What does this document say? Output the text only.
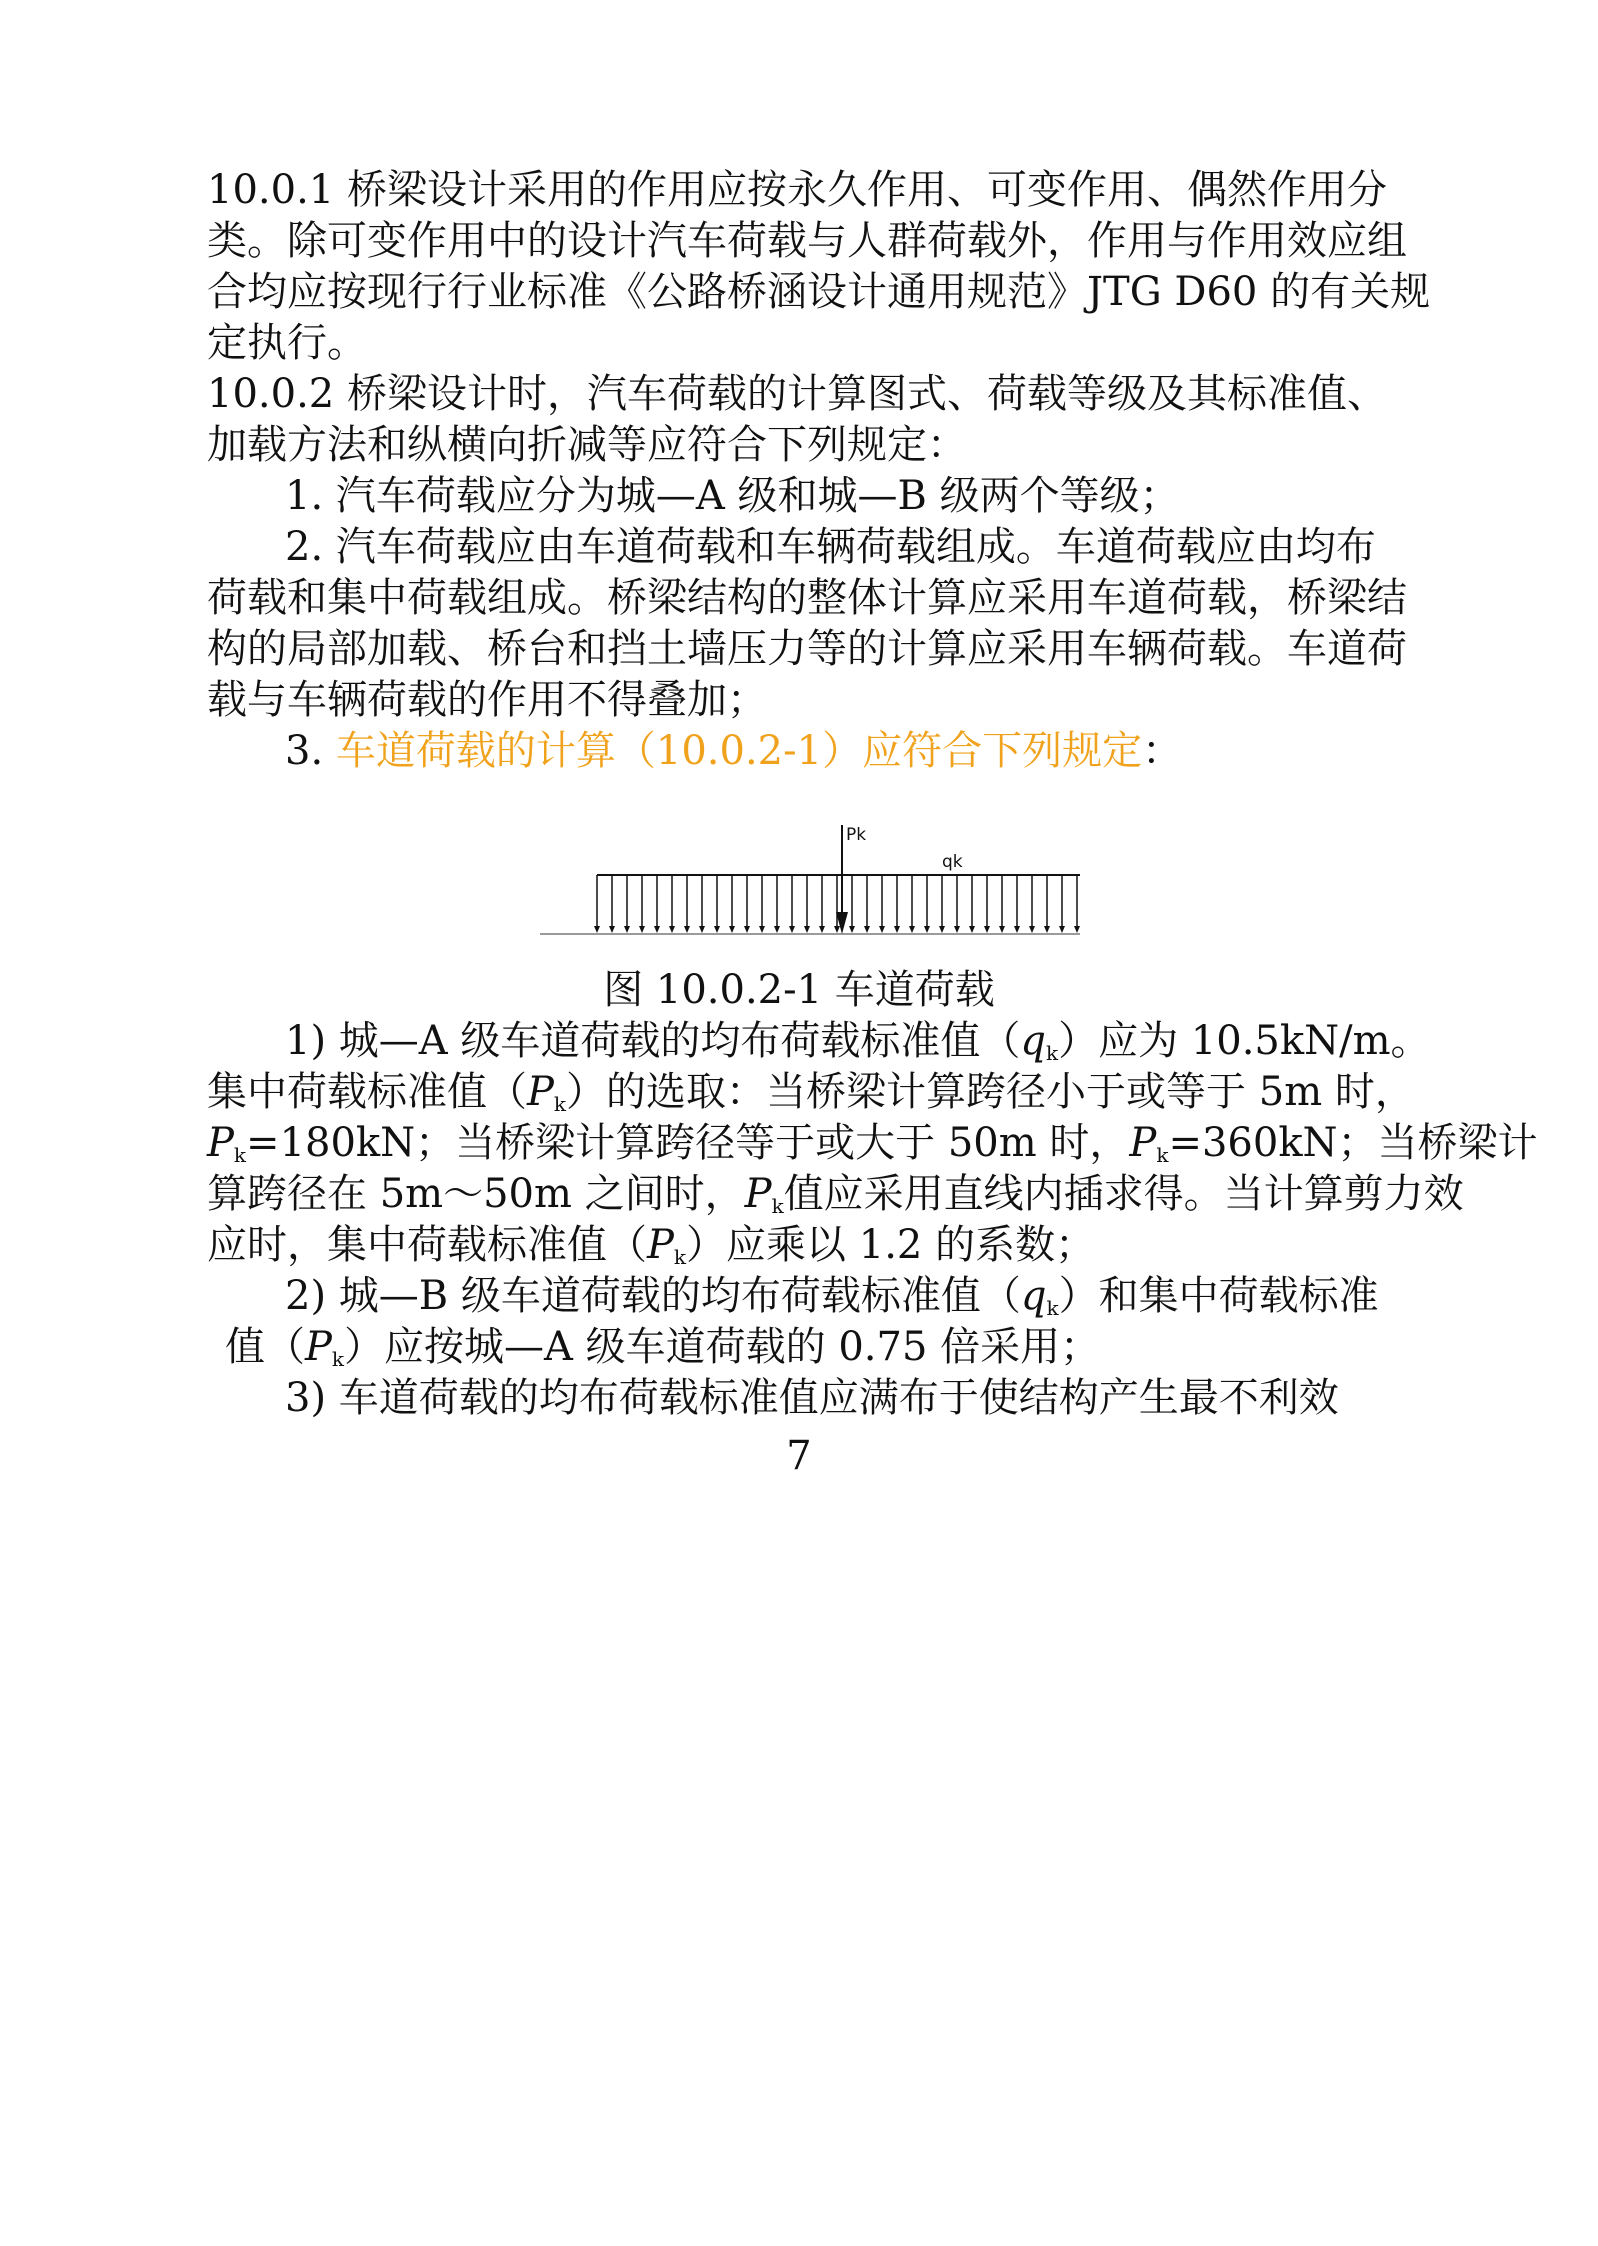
10.0.1 桥梁设计采用的作用应按永久作用、可变作用、偶然作用分
类。除可变作用中的设计汽车荷载与人群荷载外，作用与作用效应组
合均应按现行行业标准《公路桥涵设计通用规范》JTG D60 的有关规
定执行。
10.0.2 桥梁设计时，汽车荷载的计算图式、荷载等级及其标准值、
加载方法和纵横向折减等应符合下列规定：
1. 汽车荷载应分为城—A 级和城—B 级两个等级；
2. 汽车荷载应由车道荷载和车辆荷载组成。车道荷载应由均布
荷载和集中荷载组成。桥梁结构的整体计算应采用车道荷载，桥梁结
构的局部加载、桥台和挡土墙压力等的计算应采用车辆荷载。车道荷
载与车辆荷载的作用不得叠加；
3. 车道荷载的计算（10.0.2-1）应符合下列规定：
Pk
qk
图 10.0.2-1 车道荷载
1) 城—A 级车道荷载的均布荷载标准值$(q_k)$应为 10.5kN/m。
集中荷载标准值$(P_k)$的选取：当桥梁计算跨径小于或等于 5m 时，
$P_k=180kN$；当桥梁计算跨径等于或大于 50m 时，$P_k=360kN$；当桥梁计
算跨径在 5m～50m 之间时，$P_k$值应采用直线内插求得。当计算剪力效
应时，集中荷载标准值$(P_k)$应乘以 1.2 的系数；
2) 城—B 级车道荷载的均布荷载标准值$(q_k)$和集中荷载标准
值$(P_k)$应按城—A 级车道荷载的 0.75 倍采用；
3) 车道荷载的均布荷载标准值应满布于使结构产生最不利效
7
